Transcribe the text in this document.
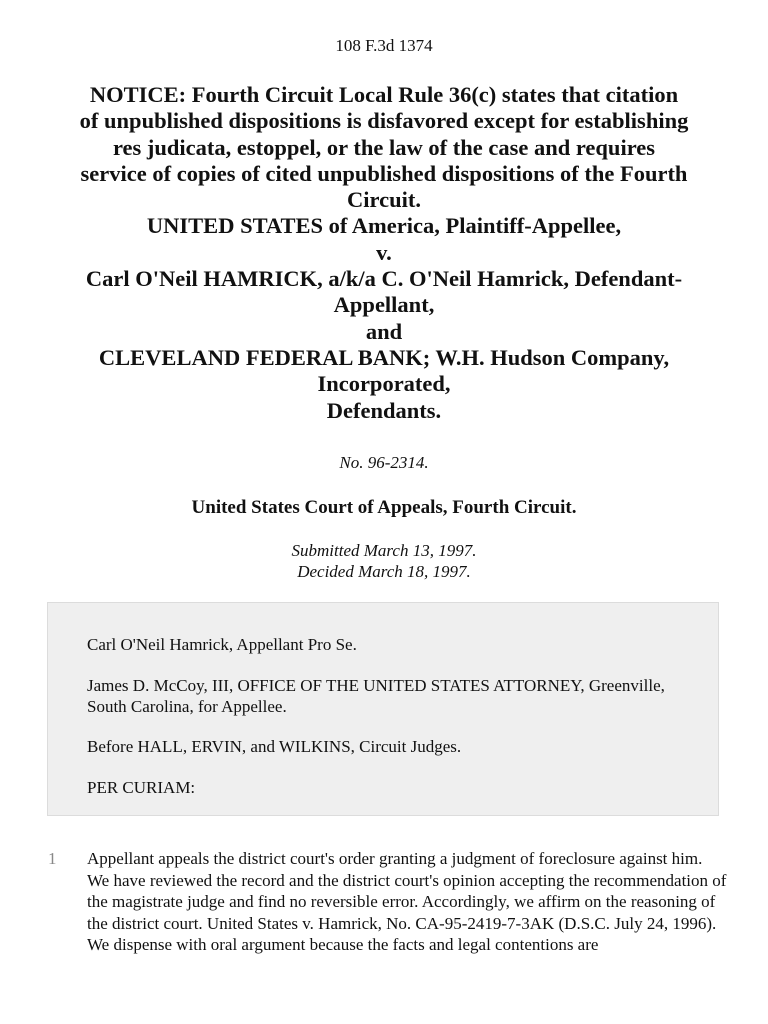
108 F.3d 1374
NOTICE: Fourth Circuit Local Rule 36(c) states that citation
of unpublished dispositions is disfavored except for establishing
res judicata, estoppel, or the law of the case and requires
service of copies of cited unpublished dispositions of the Fourth
Circuit.
UNITED STATES of America, Plaintiff-Appellee,
v.
Carl O'Neil HAMRICK, a/k/a C. O'Neil Hamrick, Defendant-
Appellant,
and
CLEVELAND FEDERAL BANK; W.H. Hudson Company,
Incorporated,
Defendants.
No. 96-2314.
United States Court of Appeals, Fourth Circuit.
Submitted March 13, 1997.
Decided March 18, 1997.

Carl O'Neil Hamrick, Appellant Pro Se.

James D. McCoy, III, OFFICE OF THE UNITED STATES ATTORNEY, Greenville, South Carolina, for Appellee.

Before HALL, ERVIN, and WILKINS, Circuit Judges.

PER CURIAM:

1 Appellant appeals the district court's order granting a judgment of foreclosure against him. We have reviewed the record and the district court's opinion accepting the recommendation of the magistrate judge and find no reversible error. Accordingly, we affirm on the reasoning of the district court. United States v. Hamrick, No. CA-95-2419-7-3AK (D.S.C. July 24, 1996). We dispense with oral argument because the facts and legal contentions are
